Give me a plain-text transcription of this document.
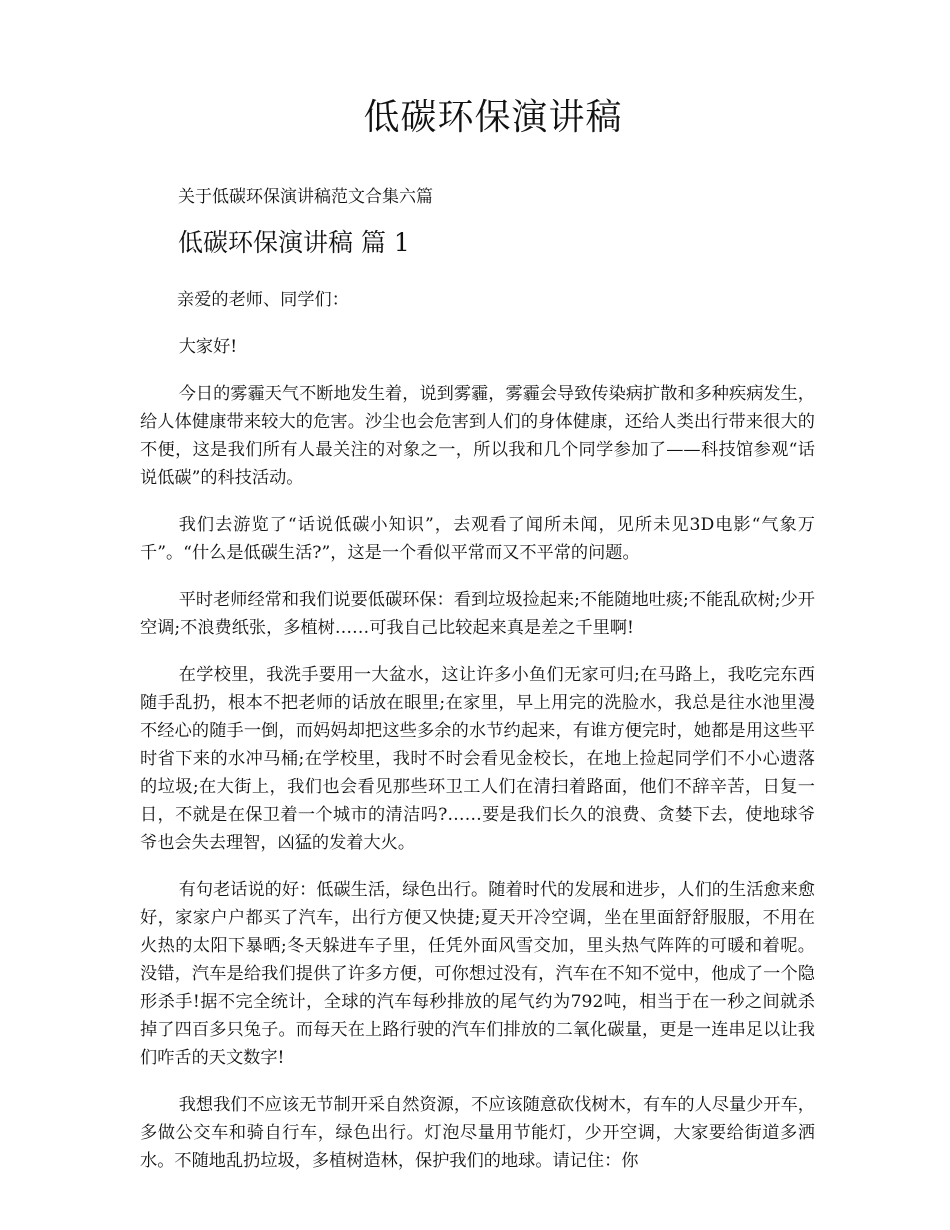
低碳环保演讲稿

关于低碳环保演讲稿范文合集六篇

低碳环保演讲稿 篇 1

亲爱的老师、同学们：

大家好!

今日的雾霾天气不断地发生着，说到雾霾，雾霾会导致传染病扩散和多种疾病发生，给人体健康带来较大的危害。沙尘也会危害到人们的身体健康，还给人类出行带来很大的不便，这是我们所有人最关注的对象之一，所以我和几个同学参加了——科技馆参观“话说低碳”的科技活动。

我们去游览了“话说低碳小知识”，去观看了闻所未闻，见所未见3D电影“气象万千”。“什么是低碳生活?”，这是一个看似平常而又不平常的问题。

平时老师经常和我们说要低碳环保：看到垃圾捡起来;不能随地吐痰;不能乱砍树;少开空调;不浪费纸张，多植树……可我自己比较起来真是差之千里啊!

在学校里，我洗手要用一大盆水，这让许多小鱼们无家可归;在马路上，我吃完东西随手乱扔，根本不把老师的话放在眼里;在家里，早上用完的洗脸水，我总是往水池里漫不经心的随手一倒，而妈妈却把这些多余的水节约起来，有谁方便完时，她都是用这些平时省下来的水冲马桶;在学校里，我时不时会看见金校长，在地上捡起同学们不小心遗落的垃圾;在大街上，我们也会看见那些环卫工人们在清扫着路面，他们不辞辛苦，日复一日，不就是在保卫着一个城市的清洁吗?……要是我们长久的浪费、贪婪下去，使地球爷爷也会失去理智，凶猛的发着大火。

有句老话说的好：低碳生活，绿色出行。随着时代的发展和进步，人们的生活愈来愈好，家家户户都买了汽车，出行方便又快捷;夏天开冷空调，坐在里面舒舒服服，不用在火热的太阳下暴晒;冬天躲进车子里，任凭外面风雪交加，里头热气阵阵的可暖和着呢。没错，汽车是给我们提供了许多方便，可你想过没有，汽车在不知不觉中，他成了一个隐形杀手!据不完全统计，全球的汽车每秒排放的尾气约为792吨，相当于在一秒之间就杀掉了四百多只兔子。而每天在上路行驶的汽车们排放的二氧化碳量，更是一连串足以让我们咋舌的天文数字!

我想我们不应该无节制开采自然资源，不应该随意砍伐树木，有车的人尽量少开车，多做公交车和骑自行车，绿色出行。灯泡尽量用节能灯，少开空调，大家要给街道多洒水。不随地乱扔垃圾，多植树造林，保护我们的地球。请记住：你
